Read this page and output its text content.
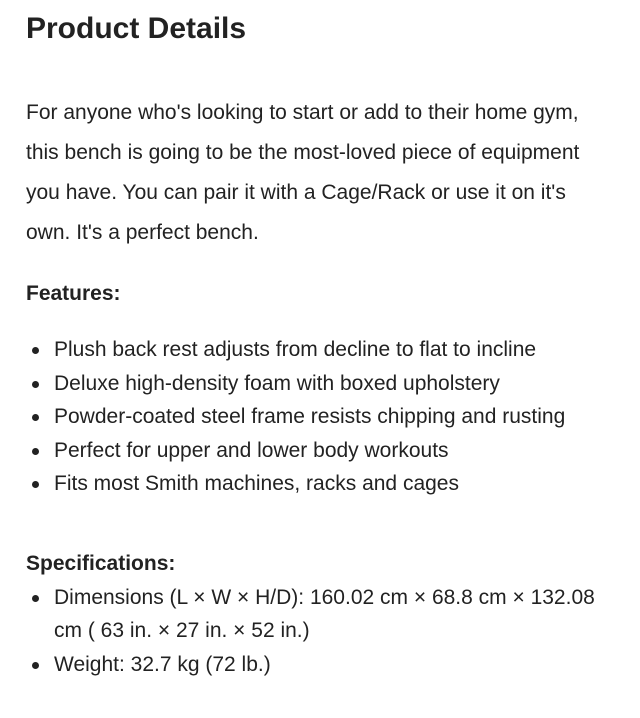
Product Details

For anyone who's looking to start or add to their home gym, this bench is going to be the most-loved piece of equipment you have. You can pair it with a Cage/Rack or use it on it's own. It's a perfect bench.

Features:
Plush back rest adjusts from decline to flat to incline
Deluxe high-density foam with boxed upholstery
Powder-coated steel frame resists chipping and rusting
Perfect for upper and lower body workouts
Fits most Smith machines, racks and cages
Specifications:
Dimensions (L × W × H/D): 160.02 cm × 68.8 cm × 132.08 cm ( 63 in. × 27 in. × 52 in.)
Weight: 32.7 kg (72 lb.)
